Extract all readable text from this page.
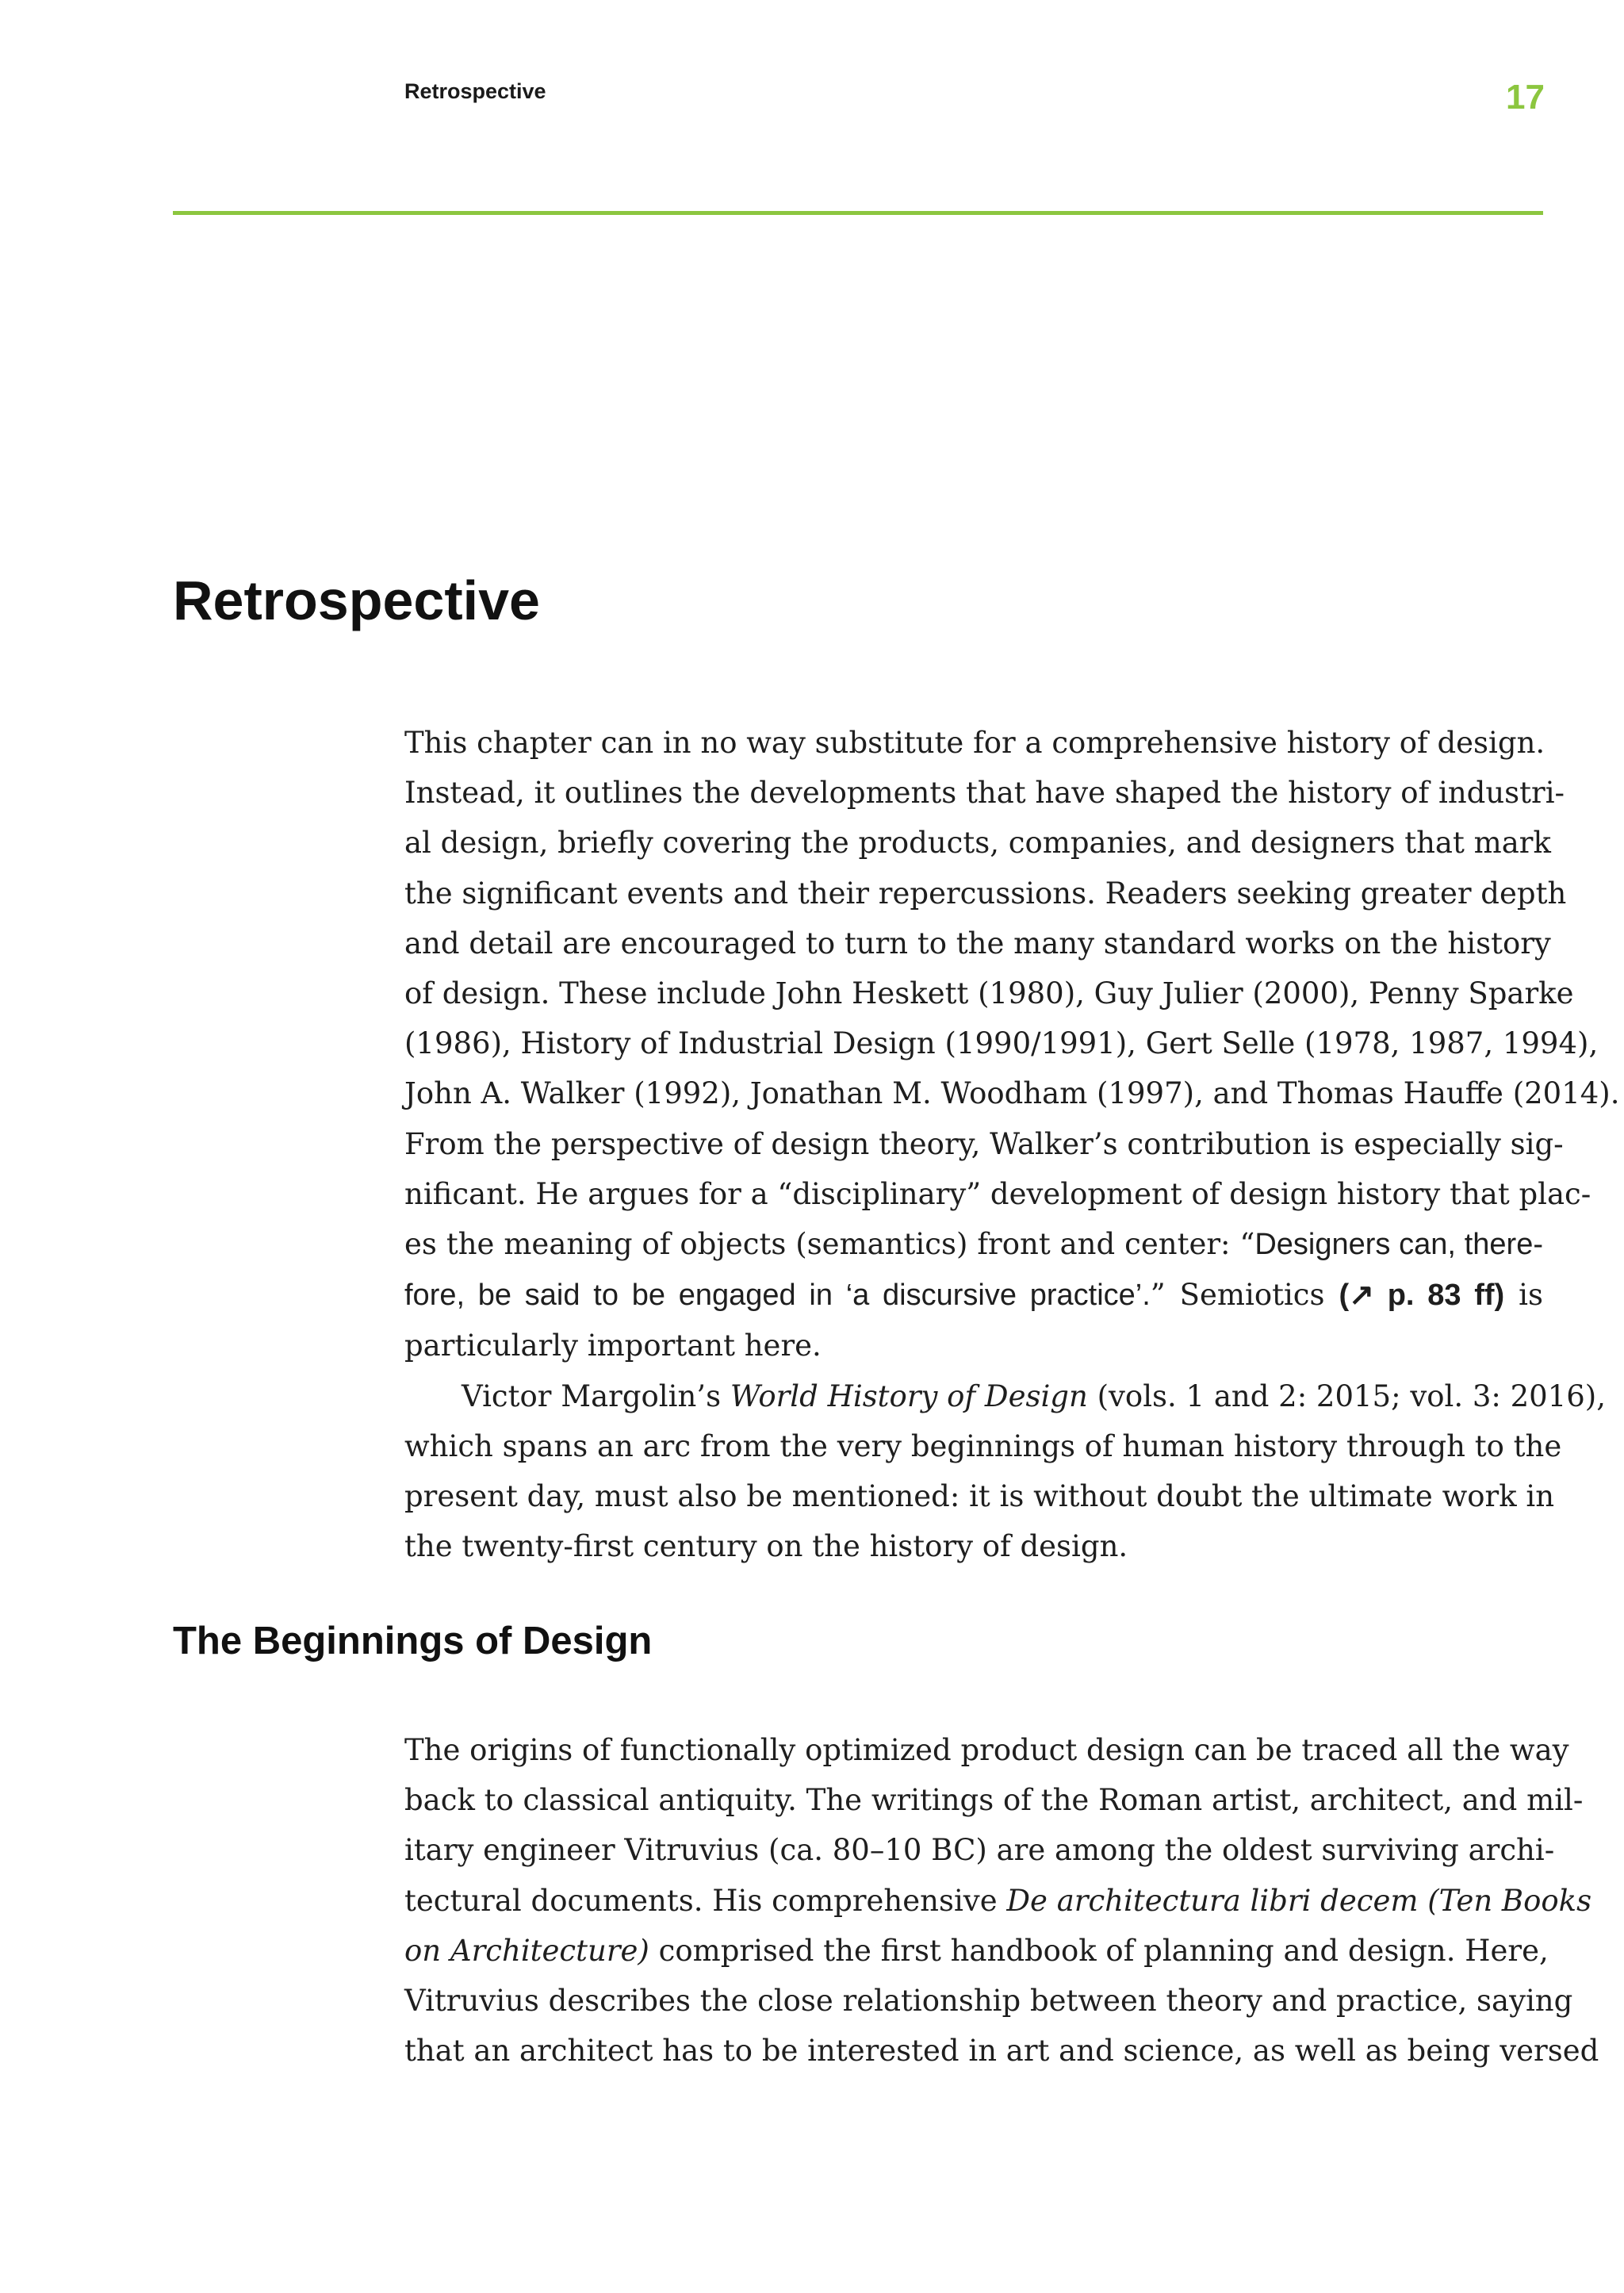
Retrospective	17
Retrospective
This chapter can in no way substitute for a comprehensive history of design.
Instead, it outlines the developments that have shaped the history of industri-
al design, briefly covering the products, companies, and designers that mark
the significant events and their repercussions. Readers seeking greater depth
and detail are encouraged to turn to the many standard works on the history
of design. These include John Heskett (1980), Guy Julier (2000), Penny Sparke
(1986), History of Industrial Design (1990/1991), Gert Selle (1978, 1987, 1994),
John A. Walker (1992), Jonathan M. Woodham (1997), and Thomas Hauffe (2014).
From the perspective of design theory, Walker’s contribution is especially sig-
nificant. He argues for a “disciplinary” development of design history that plac-
es the meaning of objects (semantics) front and center: “Designers can, there-
fore, be said to be engaged in ‘a discursive practice’.” Semiotics (↗ p. 83 ff) is
particularly important here.
Victor Margolin’s World History of Design (vols. 1 and 2: 2015; vol. 3: 2016),
which spans an arc from the very beginnings of human history through to the
present day, must also be mentioned: it is without doubt the ultimate work in
the twenty-first century on the history of design.
The Beginnings of Design
The origins of functionally optimized product design can be traced all the way
back to classical antiquity. The writings of the Roman artist, architect, and mil-
itary engineer Vitruvius (ca. 80–10 BC) are among the oldest surviving archi-
tectural documents. His comprehensive De architectura libri decem (Ten Books
on Architecture) comprised the first handbook of planning and design. Here,
Vitruvius describes the close relationship between theory and practice, saying
that an architect has to be interested in art and science, as well as being versed
